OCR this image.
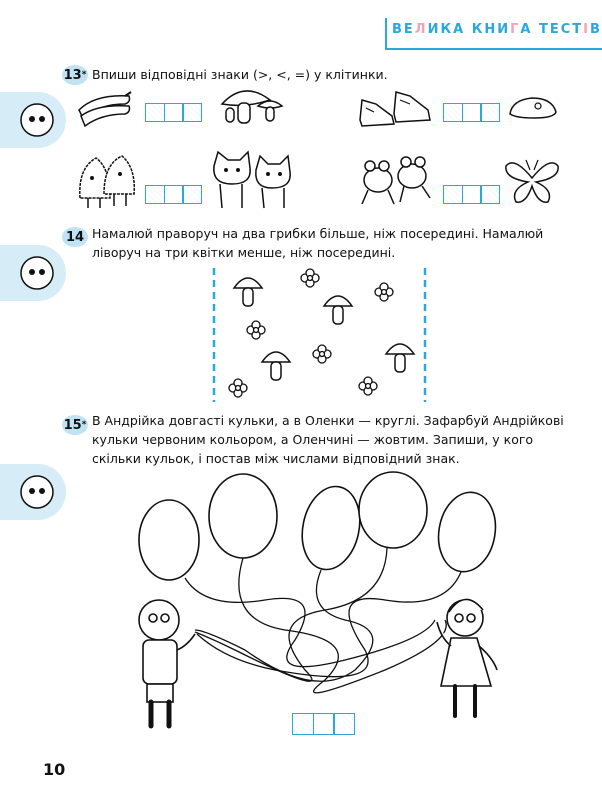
ВЕЛИКА КНИГА ТЕСТІВ
13 * Впиши відповідні знаки (>, <, =) у клітинки.
14 Намалюй праворуч на два грибки більше, ніж посередині. Намалюй ліворуч на три квітки менше, ніж посередині.
15 * В Андрійка довгасті кульки, а в Оленки — круглі. Зафарбуй Андрійкові кульки червоним кольором, а Оленчині — жовтим. Запиши, у кого скільки кульок, і постав між числами відповідний знак.
10
